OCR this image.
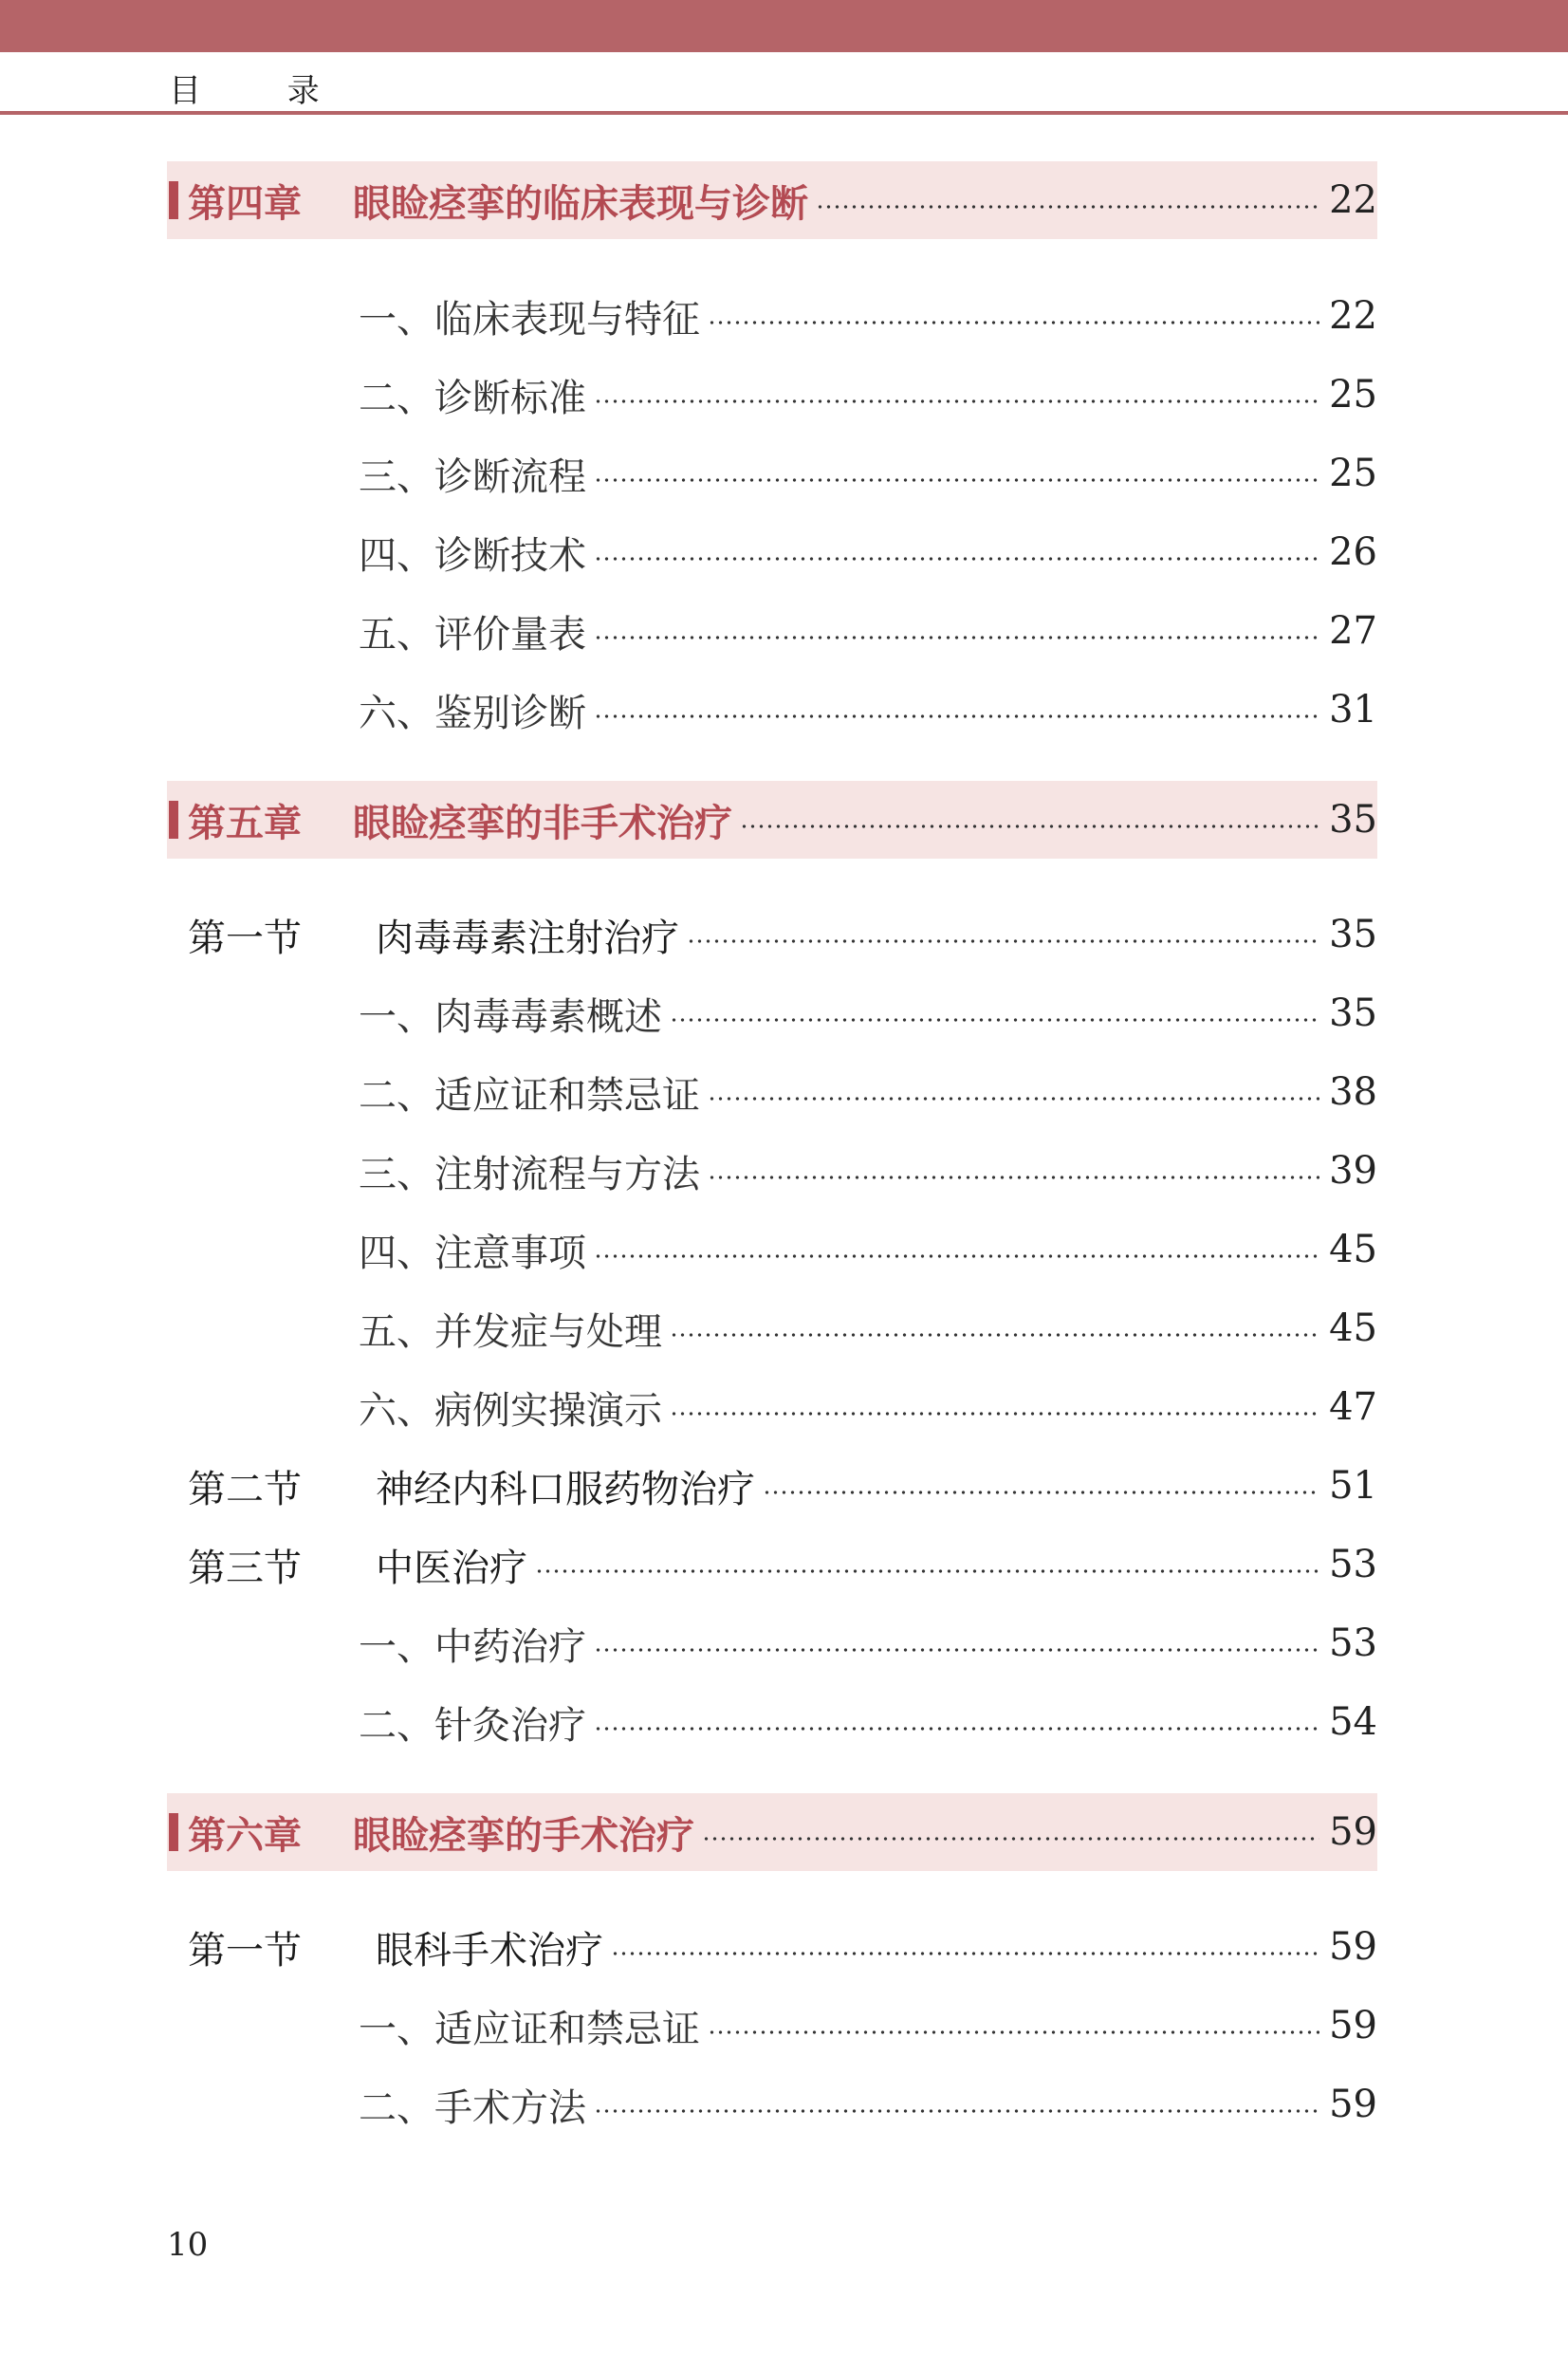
目 录
第四章	眼睑痉挛的临床表现与诊断	22
一、临床表现与特征	22
二、诊断标准	25
三、诊断流程	25
四、诊断技术	26
五、评价量表	27
六、鉴别诊断	31
第五章	眼睑痉挛的非手术治疗	35
第一节	肉毒毒素注射治疗	35
一、肉毒毒素概述	35
二、适应证和禁忌证	38
三、注射流程与方法	39
四、注意事项	45
五、并发症与处理	45
六、病例实操演示	47
第二节	神经内科口服药物治疗	51
第三节	中医治疗	53
一、中药治疗	53
二、针灸治疗	54
第六章	眼睑痉挛的手术治疗	59
第一节	眼科手术治疗	59
一、适应证和禁忌证	59
二、手术方法	59
10
